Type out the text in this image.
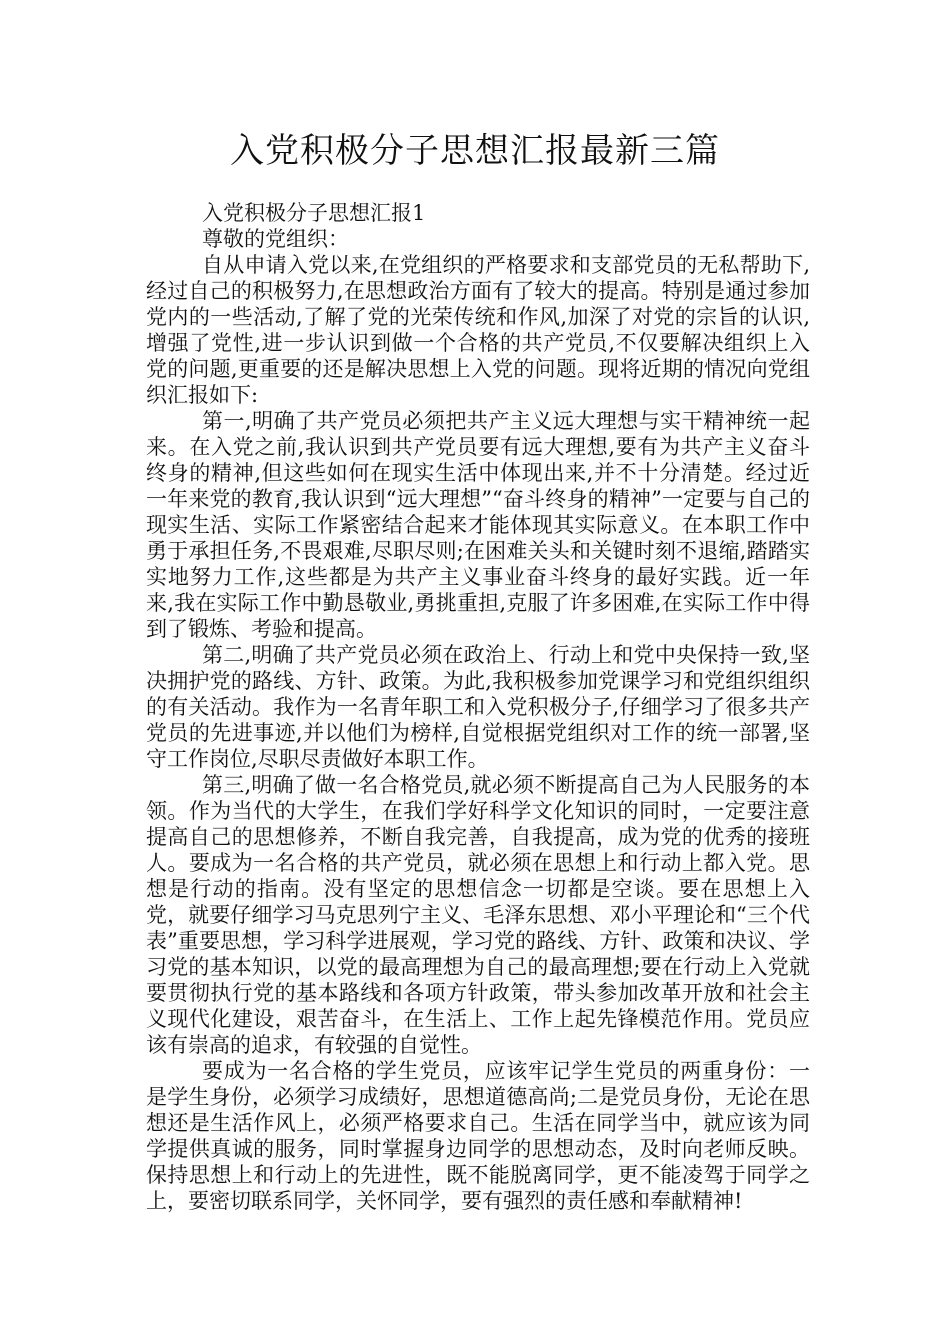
入党积极分子思想汇报最新三篇

入党积极分子思想汇报1

尊敬的党组织：

自从申请入党以来,在党组织的严格要求和支部党员的无私帮助下,经过自己的积极努力,在思想政治方面有了较大的提高。特别是通过参加党内的一些活动,了解了党的光荣传统和作风,加深了对党的宗旨的认识,增强了党性,进一步认识到做一个合格的共产党员,不仅要解决组织上入党的问题,更重要的还是解决思想上入党的问题。现将近期的情况向党组织汇报如下:

第一,明确了共产党员必须把共产主义远大理想与实干精神统一起来。在入党之前,我认识到共产党员要有远大理想,要有为共产主义奋斗终身的精神,但这些如何在现实生活中体现出来,并不十分清楚。经过近一年来党的教育,我认识到“远大理想”“奋斗终身的精神”一定要与自己的现实生活、实际工作紧密结合起来才能体现其实际意义。在本职工作中勇于承担任务,不畏艰难,尽职尽则;在困难关头和关键时刻不退缩,踏踏实实地努力工作,这些都是为共产主义事业奋斗终身的最好实践。近一年来,我在实际工作中勤恳敬业,勇挑重担,克服了许多困难,在实际工作中得到了锻炼、考验和提高。

第二,明确了共产党员必须在政治上、行动上和党中央保持一致,坚决拥护党的路线、方针、政策。为此,我积极参加党课学习和党组织组织的有关活动。我作为一名青年职工和入党积极分子,仔细学习了很多共产党员的先进事迹,并以他们为榜样,自觉根据党组织对工作的统一部署,坚守工作岗位,尽职尽责做好本职工作。

第三,明确了做一名合格党员,就必须不断提高自己为人民服务的本领。作为当代的大学生，在我们学好科学文化知识的同时，一定要注意提高自己的思想修养，不断自我完善，自我提高，成为党的优秀的接班人。要成为一名合格的共产党员，就必须在思想上和行动上都入党。思想是行动的指南。没有坚定的思想信念一切都是空谈。要在思想上入党，就要仔细学习马克思列宁主义、毛泽东思想、邓小平理论和“三个代表”重要思想，学习科学进展观，学习党的路线、方针、政策和决议、学习党的基本知识，以党的最高理想为自己的最高理想;要在行动上入党就要贯彻执行党的基本路线和各项方针政策，带头参加改革开放和社会主义现代化建设，艰苦奋斗，在生活上、工作上起先锋模范作用。党员应该有崇高的追求，有较强的自觉性。

要成为一名合格的学生党员，应该牢记学生党员的两重身份：一是学生身份，必须学习成绩好，思想道德高尚;二是党员身份，无论在思想还是生活作风上，必须严格要求自己。生活在同学当中，就应该为同学提供真诚的服务，同时掌握身边同学的思想动态，及时向老师反映。保持思想上和行动上的先进性，既不能脱离同学，更不能凌驾于同学之上，要密切联系同学，关怀同学，要有强烈的责任感和奉献精神!
